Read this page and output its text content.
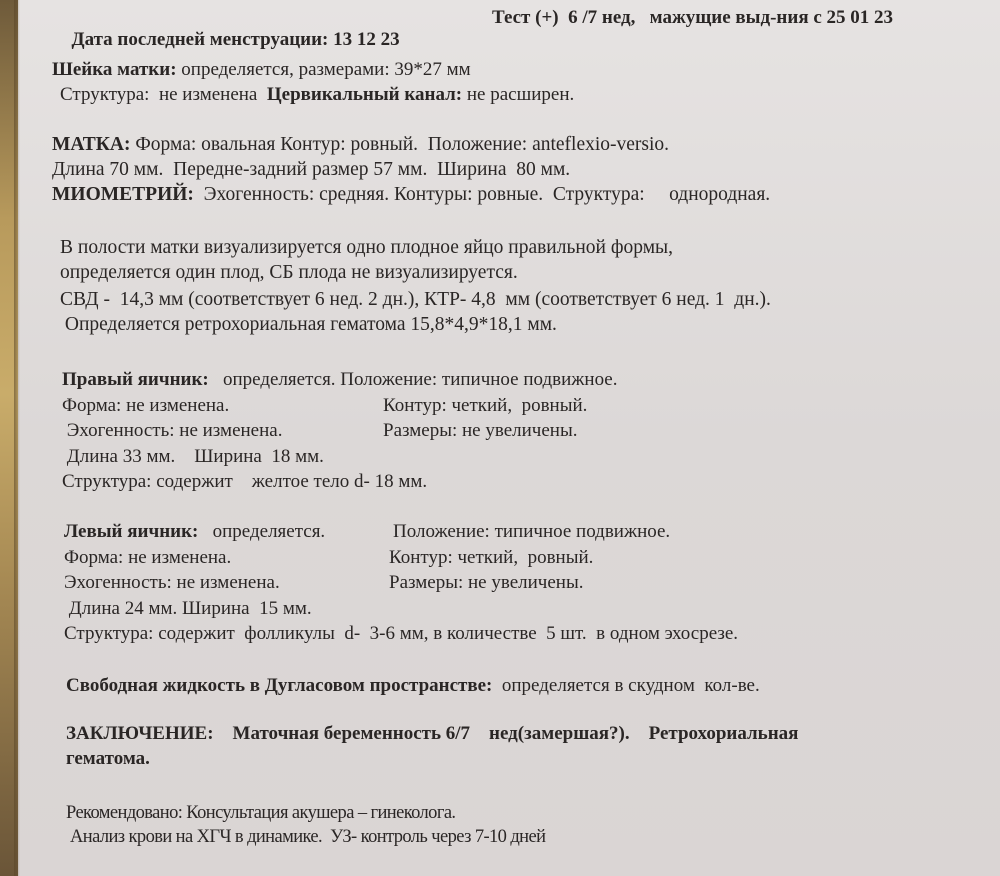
Дата последней менструации: 13 12 23

Тест (+)  6 /7 нед,   мажущие выд-ния с 25 01 23
Шейка матки: определяется, размерами: 39*27 мм
Структура:  не изменена  Цервикальный канал: не расширен.
МАТКА: Форма: овальная Контур: ровный.  Положение: anteflexio-versio.
Длина 70 мм.  Передне-задний размер 57 мм.  Ширина  80 мм.
МИОМЕТРИЙ:  Эхогенность: средняя. Контуры: ровные.  Структура:     однородная.
В полости матки визуализируется одно плодное яйцо правильной формы,
определяется один плод, СБ плода не визуализируется.
СВД -  14,3 мм (соответствует 6 нед. 2 дн.), КТР- 4,8  мм (соответствует 6 нед. 1  дн.).
Определяется ретрохориальная гематома 15,8*4,9*18,1 мм.
Правый яичник:   определяется. Положение: типичное подвижное.
Форма: не изменена.	Контур: четкий,  ровный.
Эхогенность: не изменена.	Размеры: не увеличены.
Длина 33 мм.    Ширина  18 мм.
Структура: содержит    желтое тело d- 18 мм.
Левый яичник:   определяется.	Положение: типичное подвижное.
Форма: не изменена.	Контур: четкий,  ровный.
Эхогенность: не изменена.	Размеры: не увеличены.
Длина 24 мм. Ширина  15 мм.
Структура: содержит  фолликулы  d-  3-6 мм, в количестве  5 шт.  в одном эхосрезе.
Свободная жидкость в Дугласовом пространстве:  определяется в скудном  кол-ве.
ЗАКЛЮЧЕНИЕ:    Маточная беременность 6/7    нед(замершая?).    Ретрохориальная
гематома.
Рекомендовано: Консультация акушера – гинеколога.
Анализ крови на ХГЧ в динамике.  УЗ- контроль через 7-10 дней
